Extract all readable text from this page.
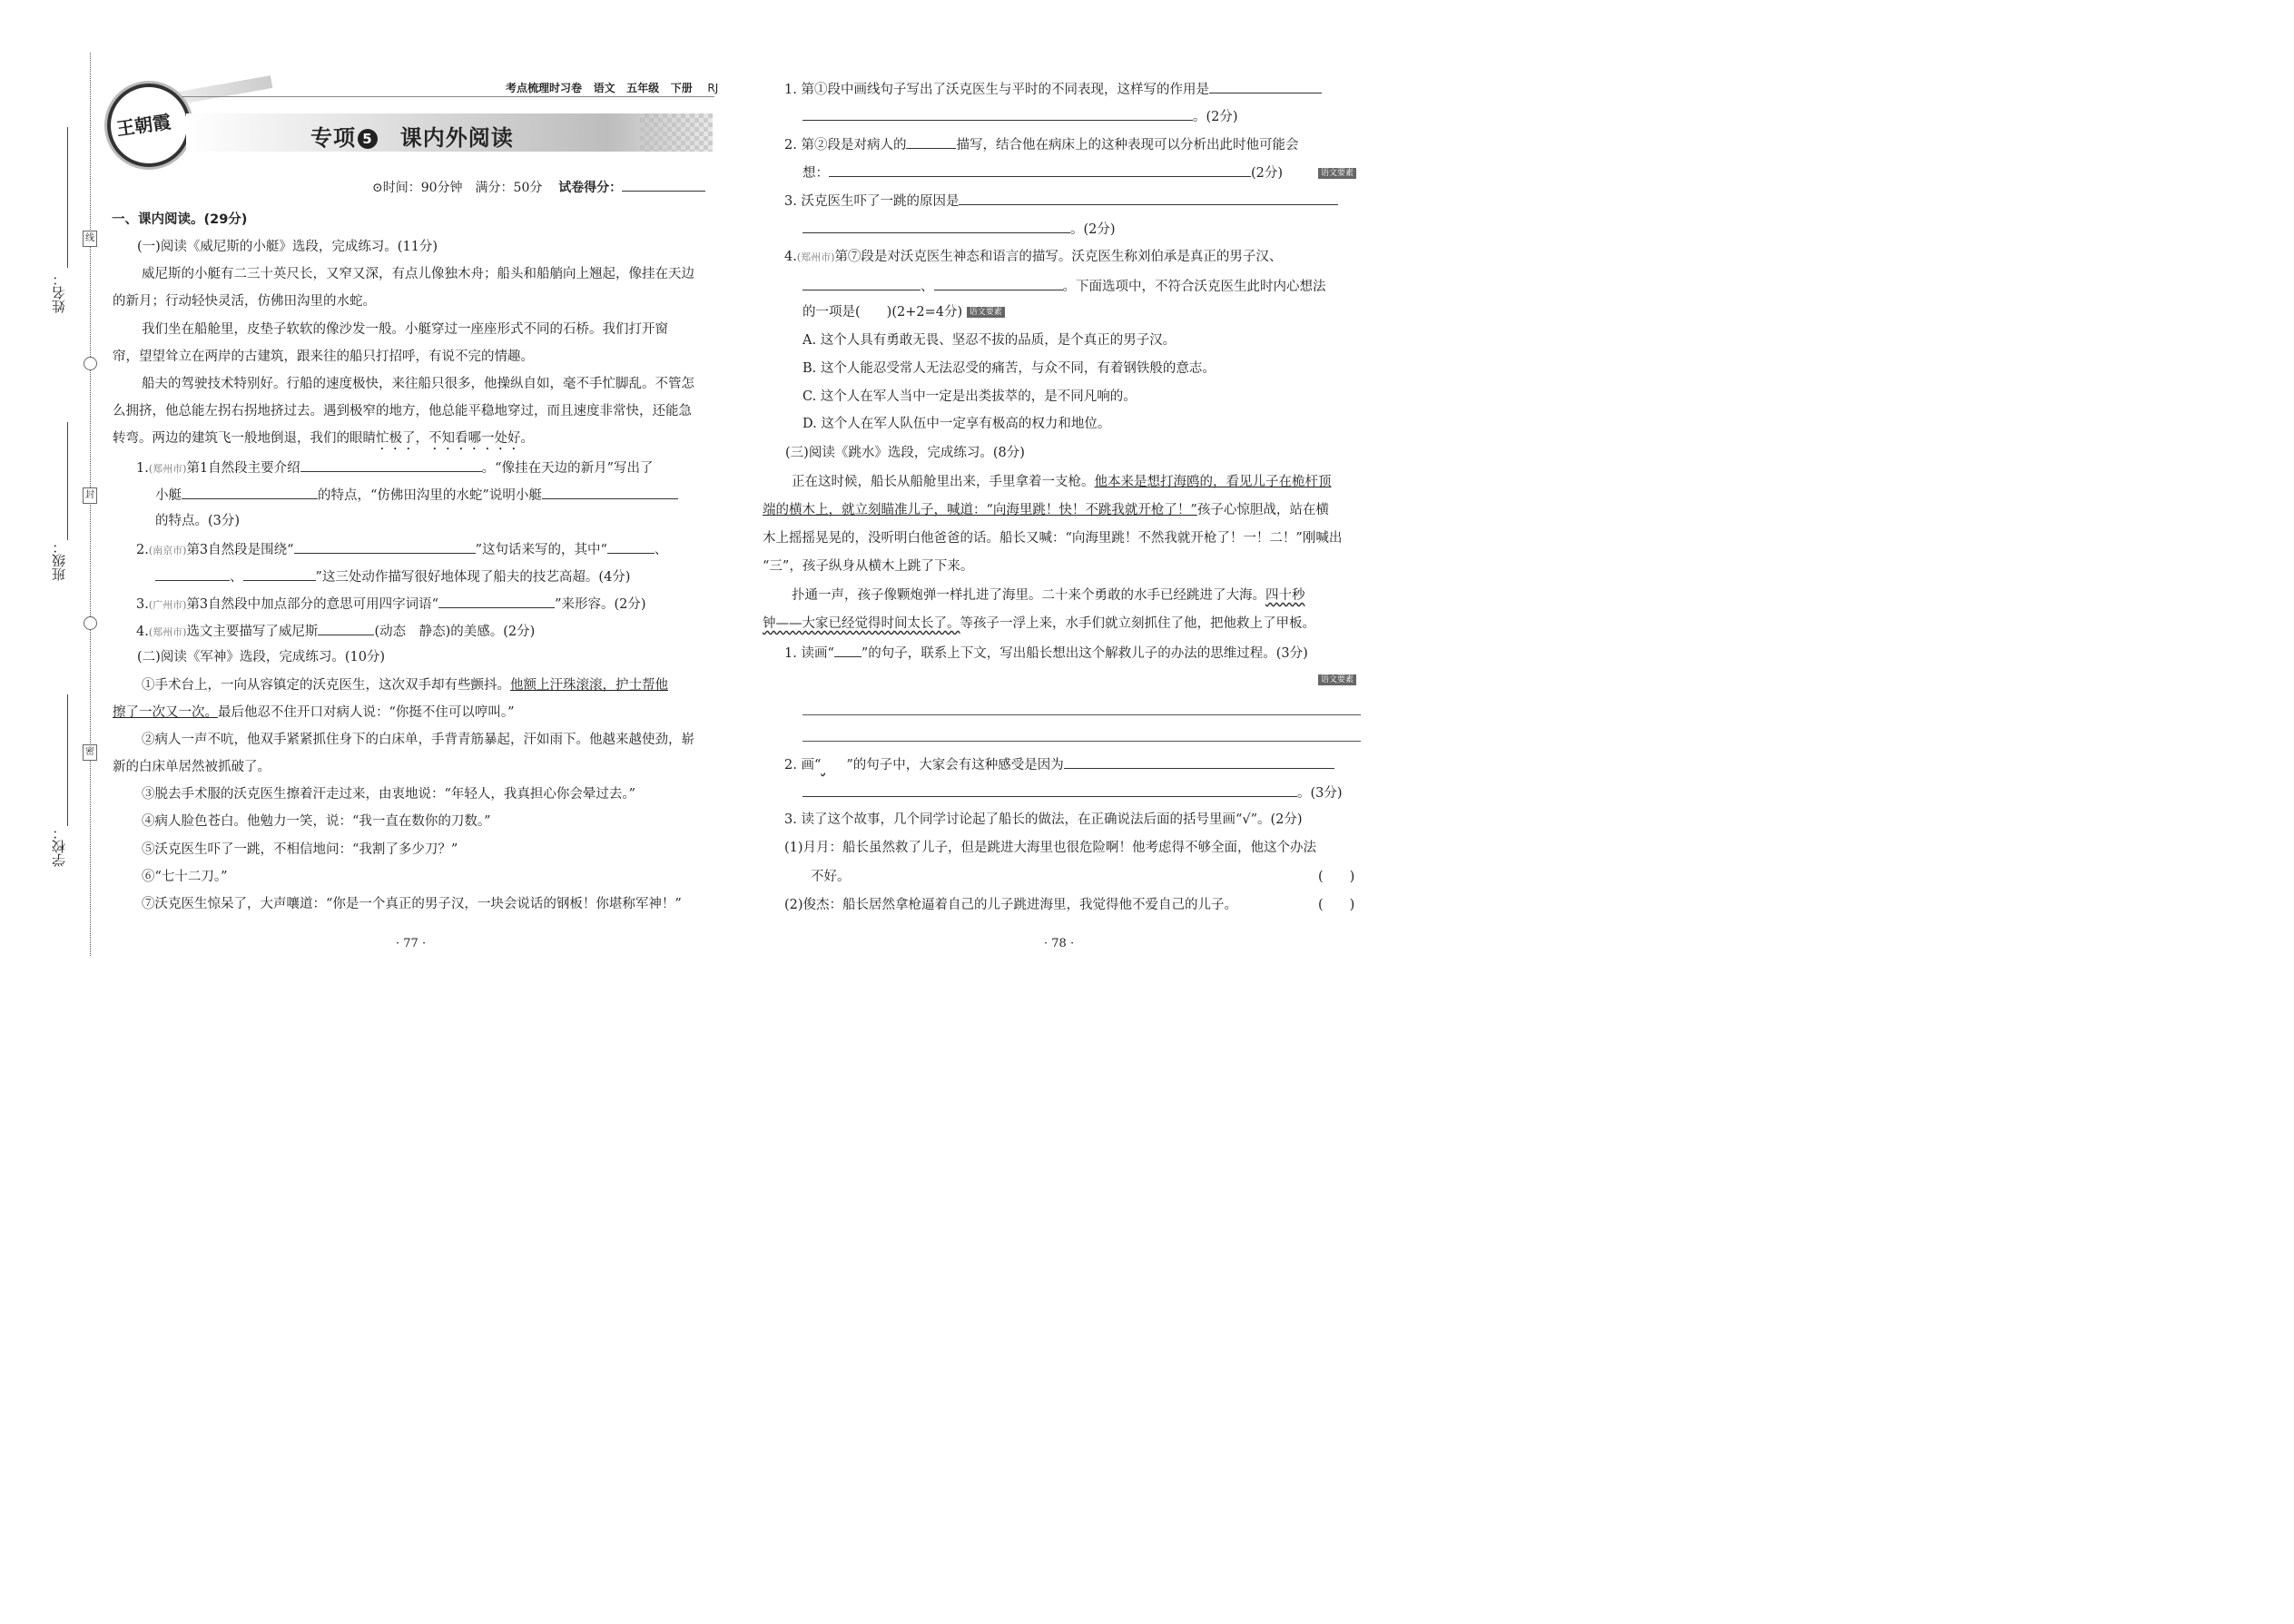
线
封
密
姓名：
班级：
学校：
王朝霞
考点梳理时习卷 语文 五年级 下册 RJ
专项 5 课内外阅读
⊙时间：90分钟　满分：50分 试卷得分：
一、课内阅读。(29分)
(一)阅读《威尼斯的小艇》选段，完成练习。(11分)
威尼斯的小艇有二三十英尺长，又窄又深，有点儿像独木舟；船头和船艄向上翘起，像挂在天边
的新月；行动轻快灵活，仿佛田沟里的水蛇。
我们坐在船舱里，皮垫子软软的像沙发一般。小艇穿过一座座形式不同的石桥。我们打开窗
帘，望望耸立在两岸的古建筑，跟来往的船只打招呼，有说不完的情趣。
船夫的驾驶技术特别好。行船的速度极快，来往船只很多，他操纵自如，毫不手忙脚乱。不管怎
么拥挤，他总能左拐右拐地挤过去。遇到极窄的地方，他总能平稳地穿过，而且速度非常快，还能急
转弯。两边的建筑飞一般地倒退，我们的眼睛忙极了，不知看哪一处好。
1.(郑州市)第1自然段主要介绍	。“像挂在天边的新月”写出了
小艇	的特点，“仿佛田沟里的水蛇”说明小艇
的特点。(3分)
2.(南京市)第3自然段是围绕“	”这句话来写的，其中“	、
、	”这三处动作描写很好地体现了船夫的技艺高超。(4分)
3.(广州市)第3自然段中加点部分的意思可用四字词语“	”来形容。(2分)
4.(郑州市)选文主要描写了威尼斯	(动态　静态)的美感。(2分)
(二)阅读《军神》选段，完成练习。(10分)
①手术台上，一向从容镇定的沃克医生，这次双手却有些颤抖。他额上汗珠滚滚，护士帮他
擦了一次又一次。最后他忍不住开口对病人说：“你挺不住可以哼叫。”
②病人一声不吭，他双手紧紧抓住身下的白床单，手背青筋暴起，汗如雨下。他越来越使劲，崭
新的白床单居然被抓破了。
③脱去手术服的沃克医生擦着汗走过来，由衷地说：“年轻人，我真担心你会晕过去。”
④病人脸色苍白。他勉力一笑，说：“我一直在数你的刀数。”
⑤沃克医生吓了一跳，不相信地问：“我割了多少刀？”
⑥“七十二刀。”
⑦沃克医生惊呆了，大声嚷道：“你是一个真正的男子汉，一块会说话的钢板！你堪称军神！”
· 77 ·
1. 第①段中画线句子写出了沃克医生与平时的不同表现，这样写的作用是
。(2分)
2. 第②段是对病人的	描写，结合他在病床上的这种表现可以分析出此时他可能会
想：	(2分)	语文要素
3. 沃克医生吓了一跳的原因是
。(2分)
4.(郑州市)第⑦段是对沃克医生神态和语言的描写。沃克医生称刘伯承是真正的男子汉、
、	。下面选项中，不符合沃克医生此时内心想法
的一项是(　　)(2+2=4分) 语文要素
A. 这个人具有勇敢无畏、坚忍不拔的品质，是个真正的男子汉。
B. 这个人能忍受常人无法忍受的痛苦，与众不同，有着钢铁般的意志。
C. 这个人在军人当中一定是出类拔萃的，是不同凡响的。
D. 这个人在军人队伍中一定享有极高的权力和地位。
(三)阅读《跳水》选段，完成练习。(8分)
正在这时候，船长从船舱里出来，手里拿着一支枪。他本来是想打海鸥的，看见儿子在桅杆顶
端的横木上，就立刻瞄准儿子，喊道：“向海里跳！快！不跳我就开枪了！”孩子心惊胆战，站在横
木上摇摇晃晃的，没听明白他爸爸的话。船长又喊：“向海里跳！不然我就开枪了！一！二！”刚喊出
“三”，孩子纵身从横木上跳了下来。
扑通一声，孩子像颗炮弹一样扎进了海里。二十来个勇敢的水手已经跳进了大海。四十秒
钟——大家已经觉得时间太长了。等孩子一浮上来，水手们就立刻抓住了他，把他救上了甲板。
1. 读画“ ”的句子，联系上下文，写出船长想出这个解救儿子的办法的思维过程。(3分)
语文要素
2. 画“ ”的句子中，大家会有这种感受是因为
。(3分)
3. 读了这个故事，几个同学讨论起了船长的做法，在正确说法后面的括号里画“√”。(2分)
(1)月月：船长虽然救了儿子，但是跳进大海里也很危险啊！他考虑得不够全面，他这个办法
不好。	(　　)
(2)俊杰：船长居然拿枪逼着自己的儿子跳进海里，我觉得他不爱自己的儿子。	(　　)
· 78 ·
